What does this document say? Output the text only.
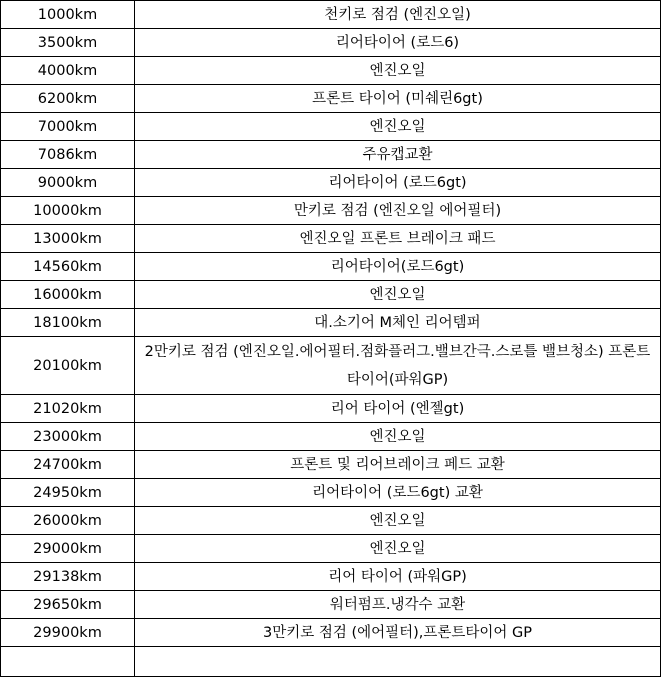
1000km	천키로 점검 (엔진오일)
3500km	리어타이어 (로드6)
4000km	엔진오일
6200km	프론트 타이어 (미쉐린6gt)
7000km	엔진오일
7086km	주유캡교환
9000km	리어타이어 (로드6gt)
10000km	만키로 점검 (엔진오일 에어필터)
13000km	엔진오일 프론트 브레이크 패드
14560km	리어타이어(로드6gt)
16000km	엔진오일
18100km	대.소기어 M체인 리어템퍼
20100km	2만키로 점검 (엔진오일.에어필터.점화플러그.밸브간극.스로틀 밸브청소) 프론트 타이어(파워GP)
21020km	리어 타이어 (엔젤gt)
23000km	엔진오일
24700km	프론트 및 리어브레이크 페드 교환
24950km	리어타이어 (로드6gt) 교환
26000km	엔진오일
29000km	엔진오일
29138km	리어 타이어 (파워GP)
29650km	워터펌프.냉각수 교환
29900km	3만키로 점검 (에어필터),프론트타이어 GP
